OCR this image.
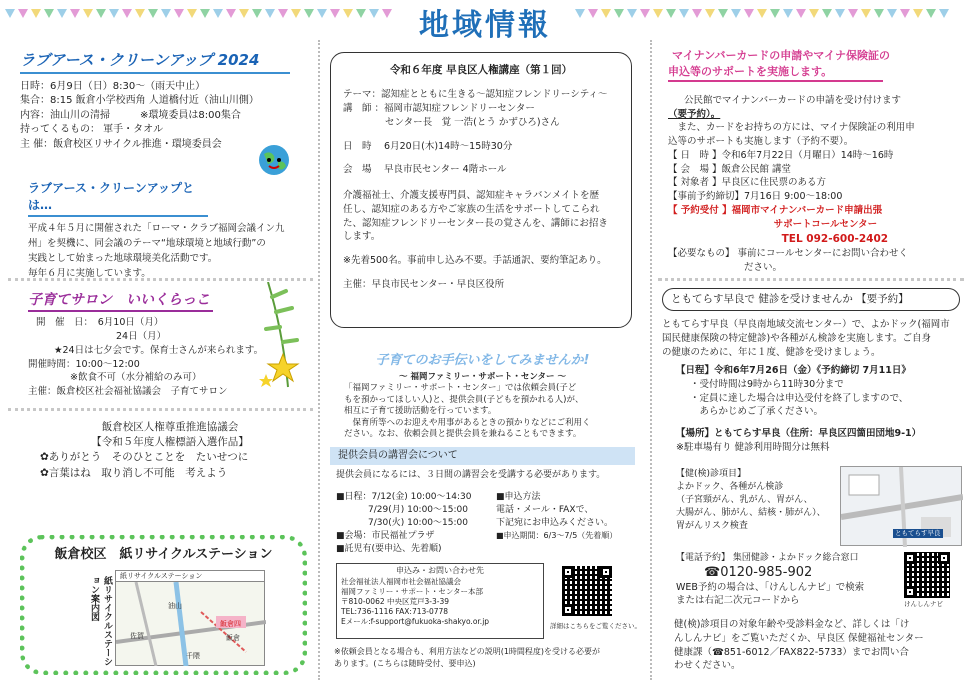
地域情報
ラブアース・クリーンアップ 2024
日時：6月9日（日）8:30～（雨天中止）
集合：8:15 飯倉小学校西角 人道橋付近（油山川側）
内容：油山川の清掃　　　※環境委員は8:00集合
持ってくるもの： 軍手・タオル
主 催：飯倉校区リサイクル推進・環境委員会
ラブアース・クリーンアップとは…
平成４年５月に開催された「ローマ・クラブ福岡会議イン九
州」を契機に、同会議のテーマ“地球環境と地域行動”の
実践として始まった地球環境美化活動です。
毎年６月に実施しています。
子育てサロン　いいくらっこ
開　催　日：　6月10日（月）
24日（月）
★24日は七夕会です。保育士さんが来られます。
開催時間：10:00～12:00
※飲食不可（水分補給のみ可）
主催：飯倉校区社会福祉協議会　子育てサロン
飯倉校区人権尊重推進協議会
【令和５年度人権標語入選作品】
✿ありがとう　そのひとことを　たいせつに
✿言葉はね　取り消し不可能　考えよう
飯倉校区　紙リサイクルステーション
紙リサイクルステーション案内図	紙リサイクルステーション
油山
飯倉四
佐賀	飯倉
千隈
令和６年度 早良区人権講座（第１回）
テーマ：認知症とともに生きる～認知症フレンドリーシティ～
講　師 ：福岡市認知症フレンドリーセンター
センター長　覚 一浩(とう かずひろ)さん
日　時　 6月20日(木)14時～15時30分
会　場　 早良市民センター 4階ホール
介護福祉士、介護支援専門員、認知症キャラバンメイトを歴
任し、認知症のある方やご家族の生活をサポートしてこられ
た、認知症フレンドリーセンター長の覚さんを、講師にお招き
します。
※先着500名。事前申し込み不要。手話通訳、要約筆記あり。
主催：早良市民センター・早良区役所
子育てのお手伝いをしてみませんか!
～ 福岡ファミリー・サポート・センター ～
「福岡ファミリー・サポート・センター」では依頼会員(子ど
もを預かってほしい人)と、提供会員(子どもを預かれる人)が、
相互に子育て援助活動を行っています。
　保育所等へのお迎えや用事があるときの預かりなどにご利用く
ださい。なお、依頼会員と提供会員を兼ねることもできます。
提供会員の講習会について
提供会員になるには、３日間の講習会を受講する必要があります。
■日程：7/12(金) 10:00～14:30
7/29(月) 10:00～15:00
7/30(火) 10:00～15:00
■会場：市民福祉プラザ
■託児有(要申込、先着順)
■申込方法
電話・メール・FAXで、
下記宛にお申込みください。
■申込期間：6/3～7/5（先着順）
申込み・お問い合わせ先
社会福祉法人福岡市社会福祉協議会
福岡ファミリー・サポート・センター本部
〒810-0062 中央区荒戸3-3-39
TEL:736-1116 FAX:713-0778
Eメール:f-support@fukuoka-shakyo.or.jp	詳細はこちらをご覧ください。
※依頼会員となる場合も、利用方法などの説明(1時間程度)を受ける必要が
あります。(こちらは随時受付、要申込)
マイナンバーカードの申請やマイナ保険証の
申込等のサポートを実施します。
公民館でマイナンバーカードの申請を受け付けます
（要予約）。
　また、カードをお持ちの方には、マイナ保険証の利用申
込等のサポートも実施します（予約不要）。
【 日　時 】令和6年7月22日（月曜日）14時～16時
【 会　場 】飯倉公民館 講堂
【 対象者 】早良区に住民票のある方
【事前予約締切】7月16日 9:00～18:00
【 予約受付 】 福岡市マイナンバーカード申請出張
サポートコールセンター
TEL 092-600-2402
【必要なもの】 事前にコールセンターにお問い合わせく
ださい。
ともてらす早良で 健診を受けませんか 【要予約】
ともてらす早良（早良南地域交流センター）で、よかドック(福岡市
国民健康保険の特定健診)や各種がん検診を実施します。ご自身
の健康のために、年に１度、健診を受けましょう。
【日程】令和6年7月26日（金）《予約締切 7月11日》
・受付時間は9時から11時30分まで
・定員に達した場合は申込受付を終了しますので、
　あらかじめご了承ください。
【場所】ともてらす早良（住所：早良区四箇田団地9-1）
※駐車場有り 健診利用時間分は無料
【健(検)診項目】
よかドック、各種がん検診
（子宮頸がん、乳がん、胃がん、
大腸がん、肺がん、結核・肺がん）、
胃がんリスク検査
ともてらす早良
【電話予約】 集団健診・よかドック総合窓口
☎0120-985-902
WEB予約の場合は、「けんしんナビ」で検索
または右記二次元コードから	けんしんナビ
健(検)診項目の対象年齢や受診料金など、詳しくは「け
んしんナビ」をご覧いただくか、早良区 保健福祉センター
健康課（☎851-6012／FAX822-5733）までお問い合
わせください。
